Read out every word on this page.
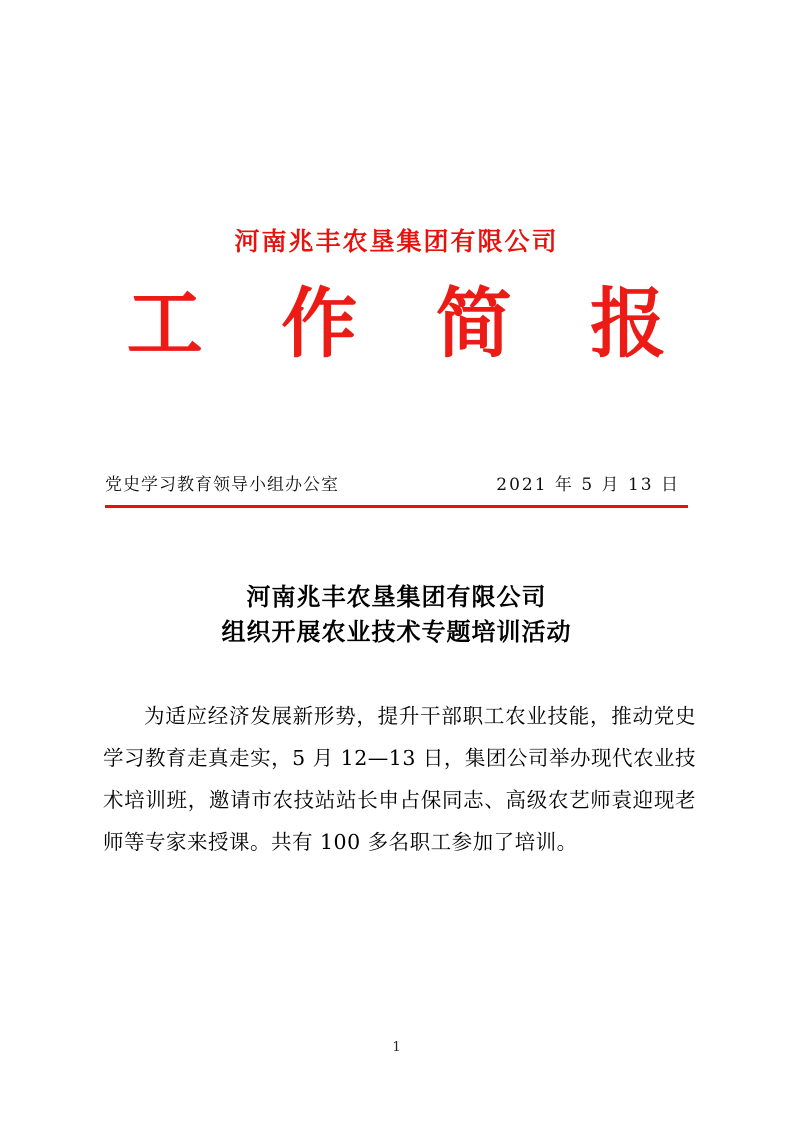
河南兆丰农垦集团有限公司
工 作 简 报
党史学习教育领导小组办公室	2021 年 5 月 13 日
河南兆丰农垦集团有限公司
组织开展农业技术专题培训活动
为适应经济发展新形势，提升干部职工农业技能，推动党史学习教育走真走实，5 月 12—13 日，集团公司举办现代农业技术培训班，邀请市农技站站长申占保同志、高级农艺师袁迎现老师等专家来授课。共有 100 多名职工参加了培训。
1
